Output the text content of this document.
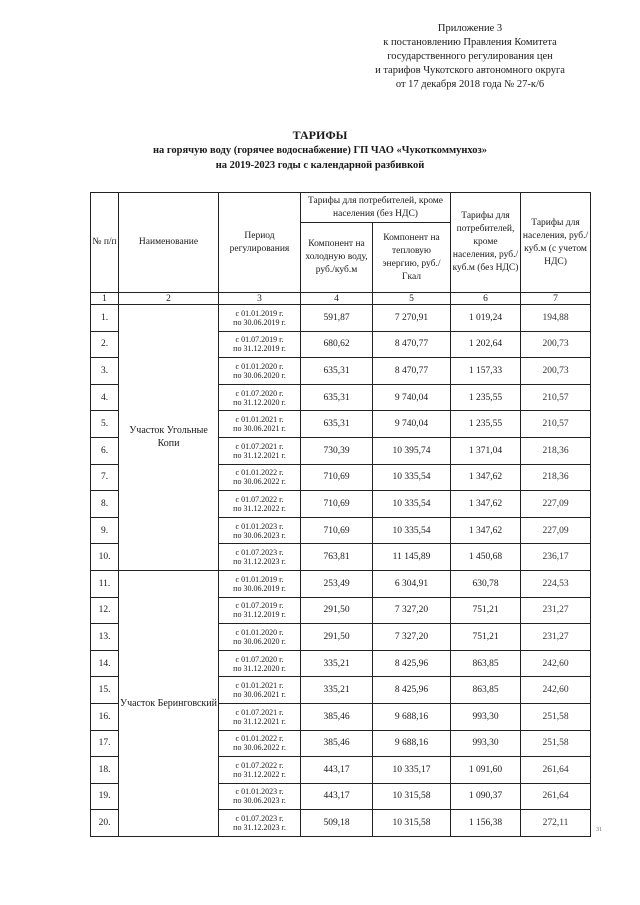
Приложение 3
к постановлению Правления Комитета
государственного регулирования цен
и тарифов Чукотского автономного округа
от 17 декабря 2018 года № 27-к/6
ТАРИФЫ
на горячую воду (горячее водоснабжение) ГП ЧАО «Чукоткоммунхоз»
на 2019-2023 годы с календарной разбивкой
№ п/п	Наименование	Период регулирования	Тарифы для потребителей, кроме населения (без НДС)		Тарифы для потребителей, кроме населения, руб./куб.м (без НДС)	Тарифы для населения, руб./куб.м (с учетом НДС)
			Компонент на холодную воду, руб./куб.м	Компонент на тепловую энергию, руб./Гкал		
1	2	3	4	5	6	7
1.	Участок Угольные Копи	с 01.01.2019 г.
по 30.06.2019 г.	591,87	7 270,91	1 019,24	194,88
2.		с 01.07.2019 г.
по 31.12.2019 г.	680,62	8 470,77	1 202,64	200,73
3.		с 01.01.2020 г.
по 30.06.2020 г.	635,31	8 470,77	1 157,33	200,73
4.		с 01.07.2020 г.
по 31.12.2020 г.	635,31	9 740,04	1 235,55	210,57
5.		с 01.01.2021 г.
по 30.06.2021 г.	635,31	9 740,04	1 235,55	210,57
6.		с 01.07.2021 г.
по 31.12.2021 г.	730,39	10 395,74	1 371,04	218,36
7.		с 01.01.2022 г.
по 30.06.2022 г.	710,69	10 335,54	1 347,62	218,36
8.		с 01.07.2022 г.
по 31.12.2022 г.	710,69	10 335,54	1 347,62	227,09
9.		с 01.01.2023 г.
по 30.06.2023 г.	710,69	10 335,54	1 347,62	227,09
10.		с 01.07.2023 г.
по 31.12.2023 г.	763,81	11 145,89	1 450,68	236,17
11.	Участок Беринговский	с 01.01.2019 г.
по 30.06.2019 г.	253,49	6 304,91	630,78	224,53
12.		с 01.07.2019 г.
по 31.12.2019 г.	291,50	7 327,20	751,21	231,27
13.		с 01.01.2020 г.
по 30.06.2020 г.	291,50	7 327,20	751,21	231,27
14.		с 01.07.2020 г.
по 31.12.2020 г.	335,21	8 425,96	863,85	242,60
15.		с 01.01.2021 г.
по 30.06.2021 г.	335,21	8 425,96	863,85	242,60
16.		с 01.07.2021 г.
по 31.12.2021 г.	385,46	9 688,16	993,30	251,58
17.		с 01.01.2022 г.
по 30.06.2022 г.	385,46	9 688,16	993,30	251,58
18.		с 01.07.2022 г.
по 31.12.2022 г.	443,17	10 335,17	1 091,60	261,64
19.		с 01.01.2023 г.
по 30.06.2023 г.	443,17	10 315,58	1 090,37	261,64
20.		с 01.07.2023 г.
по 31.12.2023 г.	509,18	10 315,58	1 156,38	272,11
31
